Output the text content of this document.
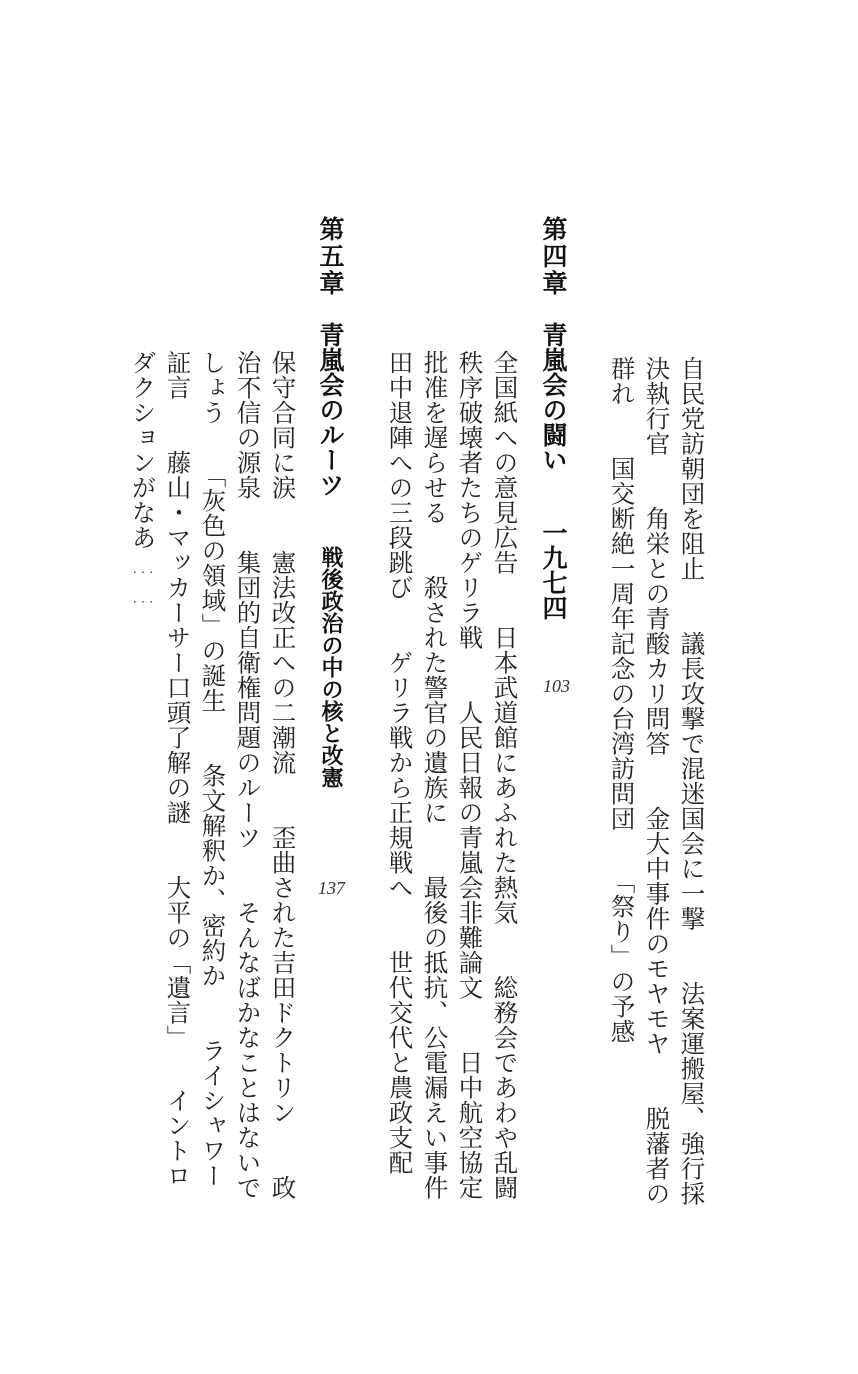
自民党訪朝団を阻止　　議長攻撃で混迷国会に一撃　　法案運搬屋、強行採
決執行官　　角栄との青酸カリ問答　　金大中事件のモヤモヤ　　脱藩者の
群れ　　国交断絶一周年記念の台湾訪問団　　「祭り」の予感
第四章
青嵐会の闘い
一九七四
103
全国紙への意見広告　　日本武道館にあふれた熱気　　総務会であわや乱闘
秩序破壊者たちのゲリラ戦　　人民日報の青嵐会非難論文　　日中航空協定
批准を遅らせる　　殺された警官の遺族に　　最後の抵抗、公電漏えい事件
田中退陣への三段跳び　　ゲリラ戦から正規戦へ　　世代交代と農政支配
第五章
青嵐会のルーツ
戦後政治の中の核と改憲
137
保守合同に涙　　憲法改正への二潮流　　歪曲された吉田ドクトリン　　政
治不信の源泉　　集団的自衛権問題のルーツ　　そんなばかなことはないで
しょう　　「灰色の領域」の誕生　　条文解釈か、密約か　　ライシャワー
証言　　藤山・マッカーサー口頭了解の謎　　大平の「遺言」　　イントロ
ダクションがなあ……
